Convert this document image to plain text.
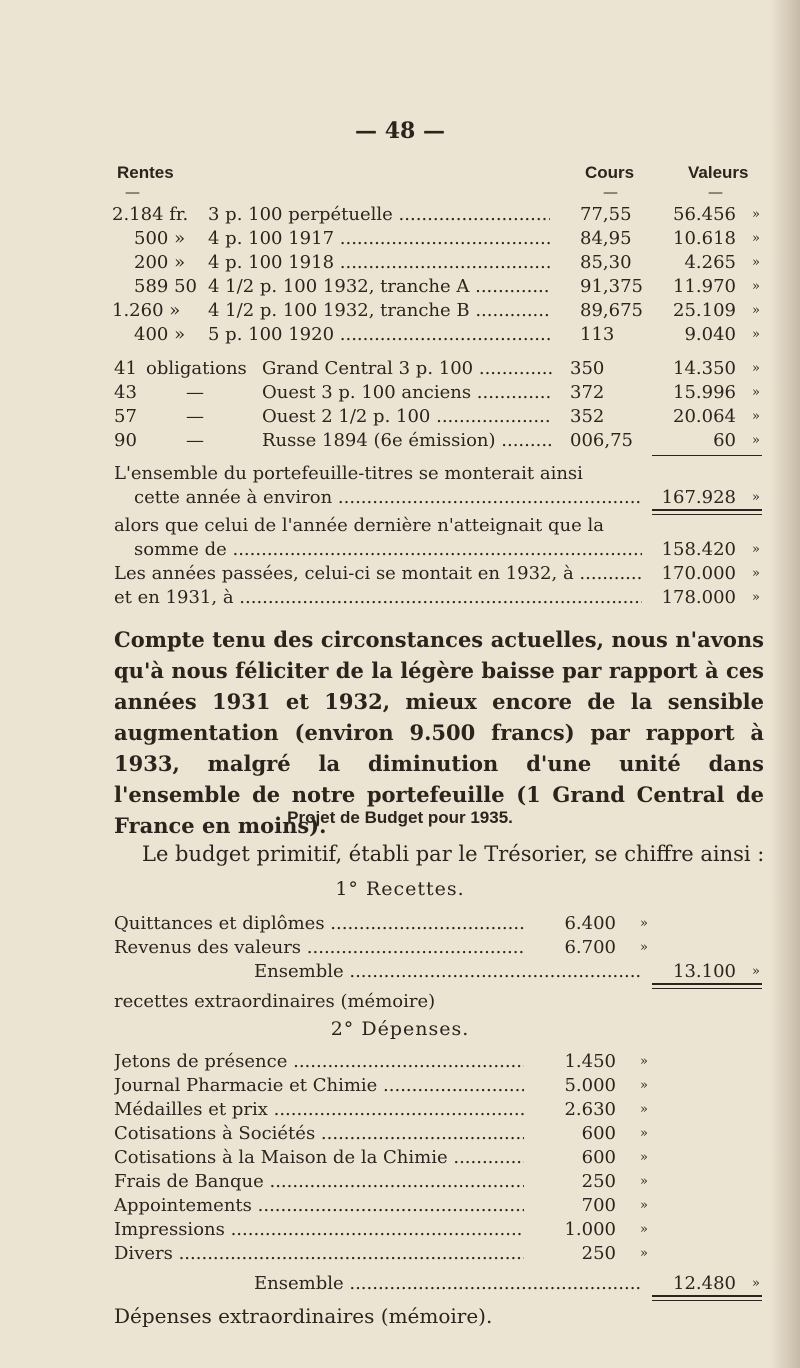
— 48 —
Rentes	Cours	Valeurs
—	—	—
2.184 fr. 3 p. 100 perpétuelle .....	77,55	56.456 »
500 » 4 p. 100 1917 .....	84,95	10.618 »
200 » 4 p. 100 1918 .....	85,30	4.265 »
589 50 4 1/2 p. 100 1932, tranche A .....	91,375	11.970 »
1.260 » 4 1/2 p. 100 1932, tranche B .....	89,675	25.109 »
400 » 5 p. 100 1920 .....	113	9.040 »
41 obligations Grand Central 3 p. 100 .....	350	14.350 »
43	—	Ouest 3 p. 100 anciens .....	372	15.996 »
57	—	Ouest 2 1/2 p. 100 .....	352	20.064 »
90	—	Russe 1894 (6e émission) .....	006,75	60 »
L'ensemble du portefeuille-titres se monterait ainsi
cette année à environ .....	167.928 »
alors que celui de l'année dernière n'atteignait que la
somme de .....	158.420 »
Les années passées, celui-ci se montait en 1932, à .....	170.000 »
et en 1931, à .....	178.000 »
Compte tenu des circonstances actuelles, nous n'avons qu'à nous féliciter de la légère baisse par rapport à ces années 1931 et 1932, mieux encore de la sensible augmentation (environ 9.500 francs) par rapport à 1933, malgré la diminution d'une unité dans l'ensemble de notre portefeuille (1 Grand Central de France en moins).
Projet de Budget pour 1935.
Le budget primitif, établi par le Trésorier, se chiffre ainsi :
1° Recettes.
Quittances et diplômes .....	6.400 »
Revenus des valeurs .....	6.700 »
Ensemble .....	13.100 »
recettes extraordinaires (mémoire)
2° Dépenses.
Jetons de présence .....	1.450 »
Journal Pharmacie et Chimie .....	5.000 »
Médailles et prix .....	2.630 »
Cotisations à Sociétés .....	600 »
Cotisations à la Maison de la Chimie .....	600 »
Frais de Banque .....	250 »
Appointements .....	700 »
Impressions .....	1.000 »
Divers .....	250 »
Ensemble .....	12.480 »
Dépenses extraordinaires (mémoire).
